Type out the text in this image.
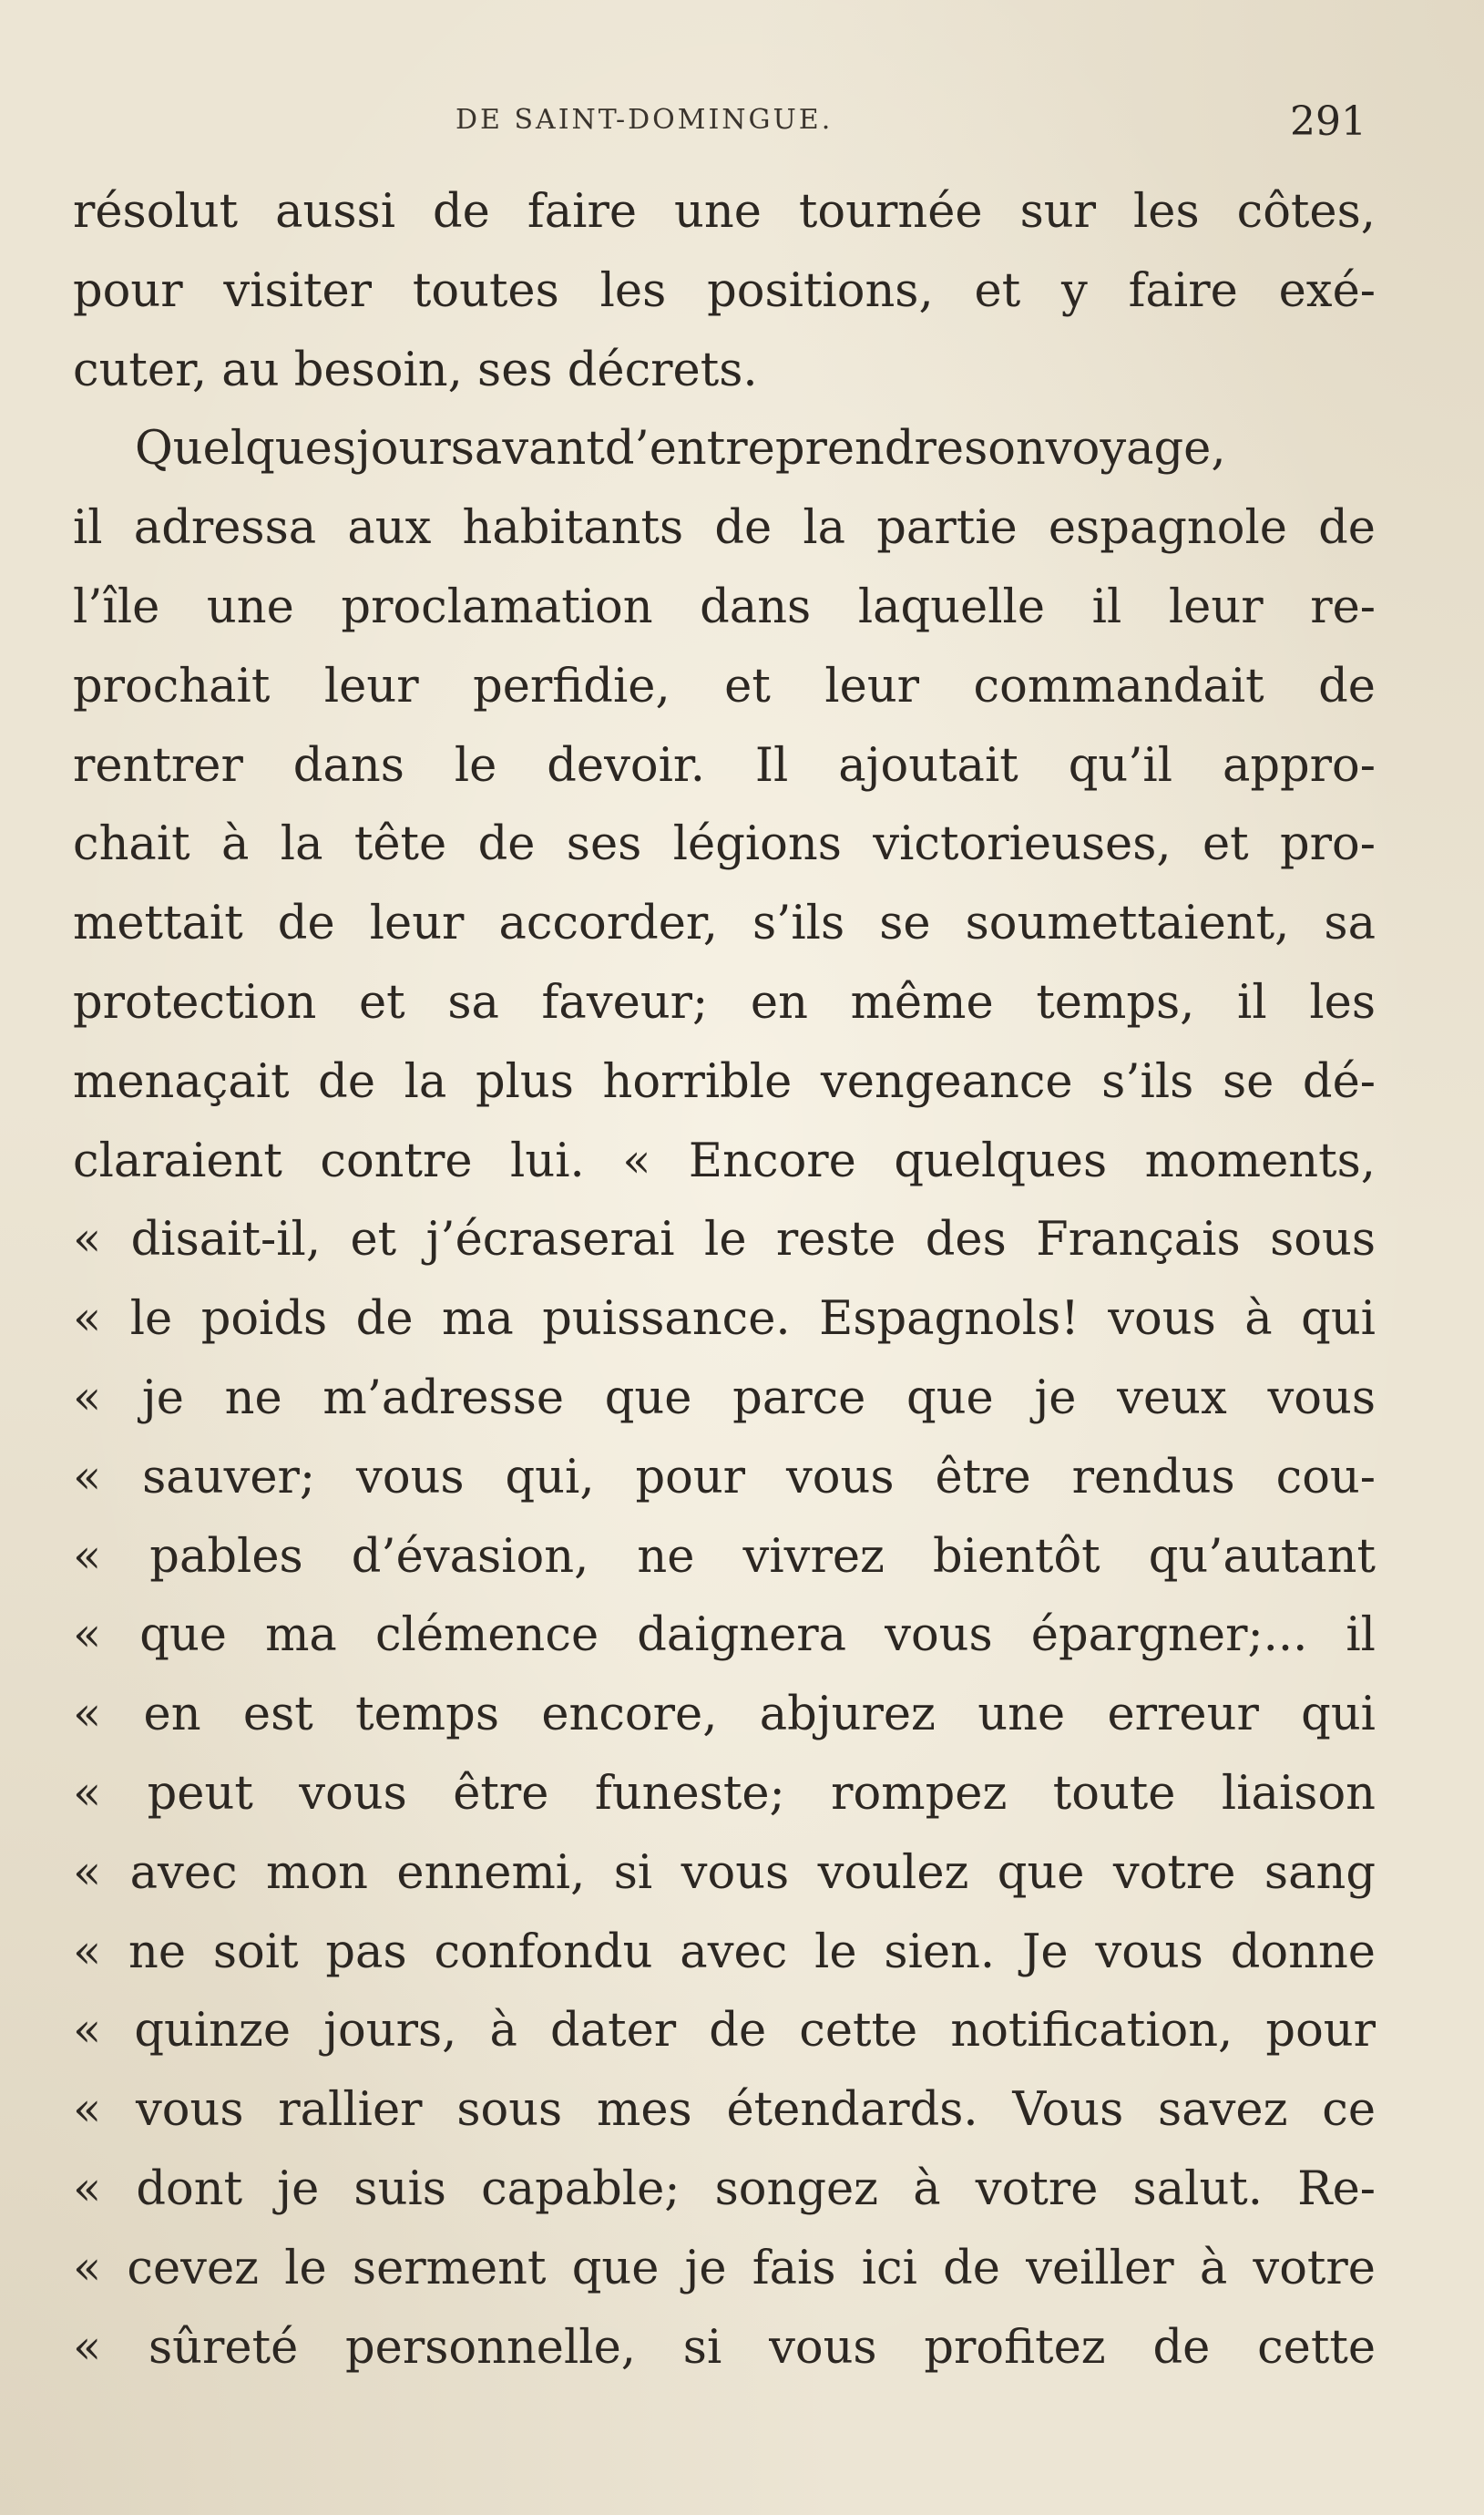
DE SAINT-DOMINGUE.	291
résolut aussi de faire une tournée sur les côtes,
pour visiter toutes les positions, et y faire exé-
cuter, au besoin, ses décrets.
Quelquesjoursavantd’entreprendresonvoyage,
il adressa aux habitants de la partie espagnole de
l’île une proclamation dans laquelle il leur re-
prochait leur perfidie, et leur commandait de
rentrer dans le devoir. Il ajoutait qu’il appro-
chait à la tête de ses légions victorieuses, et pro-
mettait de leur accorder, s’ils se soumettaient, sa
protection et sa faveur; en même temps, il les
menaçait de la plus horrible vengeance s’ils se dé-
claraient contre lui. « Encore quelques moments,
« disait-il, et j’écraserai le reste des Français sous
« le poids de ma puissance. Espagnols! vous à qui
« je ne m’adresse que parce que je veux vous
« sauver; vous qui, pour vous être rendus cou-
« pables d’évasion, ne vivrez bientôt qu’autant
« que ma clémence daignera vous épargner;... il
« en est temps encore, abjurez une erreur qui
« peut vous être funeste; rompez toute liaison
« avec mon ennemi, si vous voulez que votre sang
« ne soit pas confondu avec le sien. Je vous donne
« quinze jours, à dater de cette notification, pour
« vous rallier sous mes étendards. Vous savez ce
« dont je suis capable; songez à votre salut. Re-
« cevez le serment que je fais ici de veiller à votre
« sûreté personnelle, si vous profitez de cette
